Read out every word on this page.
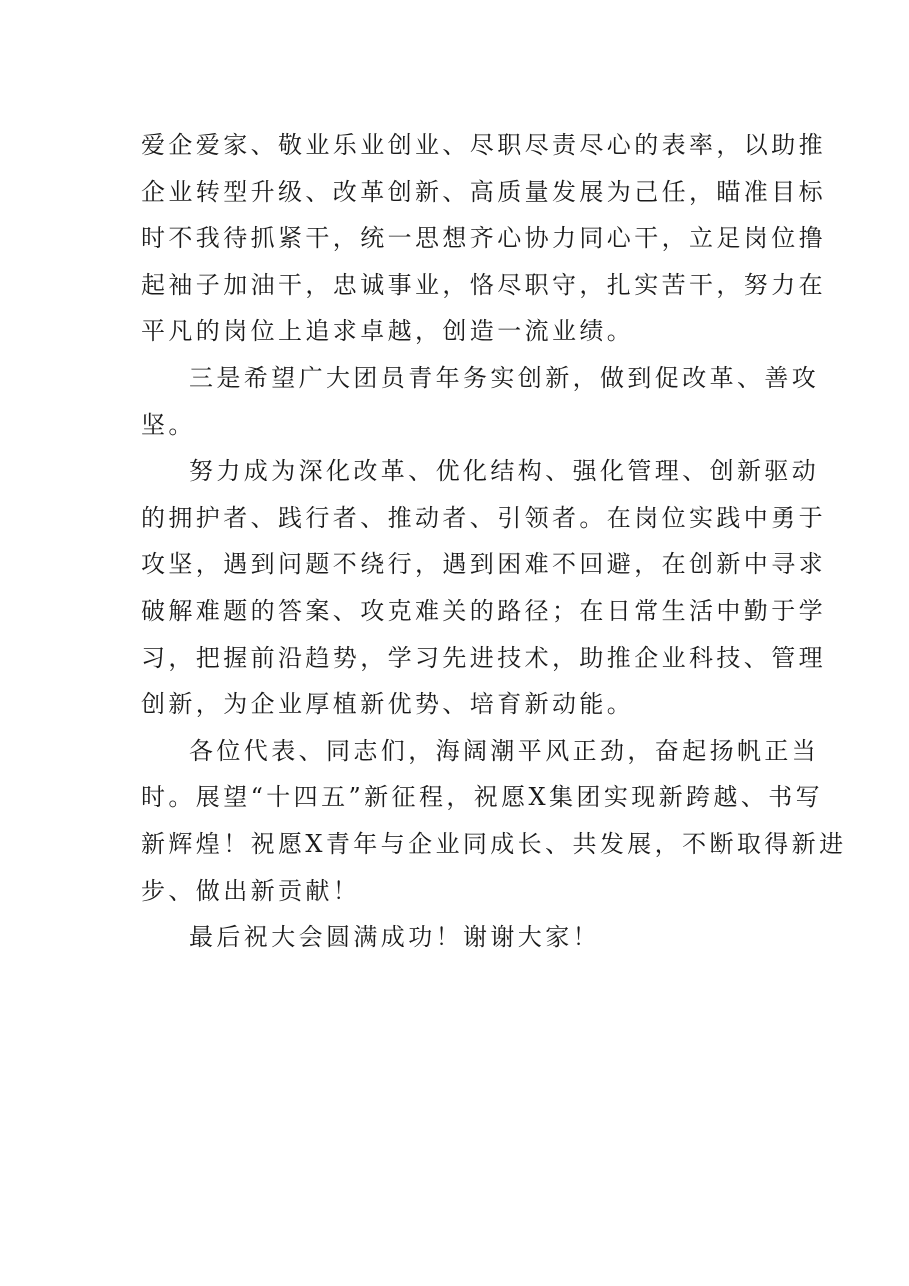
爱企爱家、敬业乐业创业、尽职尽责尽心的表率，以助推
企业转型升级、改革创新、高质量发展为己任，瞄准目标
时不我待抓紧干，统一思想齐心协力同心干，立足岗位撸
起袖子加油干，忠诚事业，恪尽职守，扎实苦干，努力在
平凡的岗位上追求卓越，创造一流业绩。
三是希望广大团员青年务实创新，做到促改革、善攻
坚。
努力成为深化改革、优化结构、强化管理、创新驱动
的拥护者、践行者、推动者、引领者。在岗位实践中勇于
攻坚，遇到问题不绕行，遇到困难不回避，在创新中寻求
破解难题的答案、攻克难关的路径；在日常生活中勤于学
习，把握前沿趋势，学习先进技术，助推企业科技、管理
创新，为企业厚植新优势、培育新动能。
各位代表、同志们，海阔潮平风正劲，奋起扬帆正当
时。展望“十四五”新征程，祝愿X集团实现新跨越、书写
新辉煌！祝愿X青年与企业同成长、共发展，不断取得新进
步、做出新贡献！
最后祝大会圆满成功！谢谢大家！
